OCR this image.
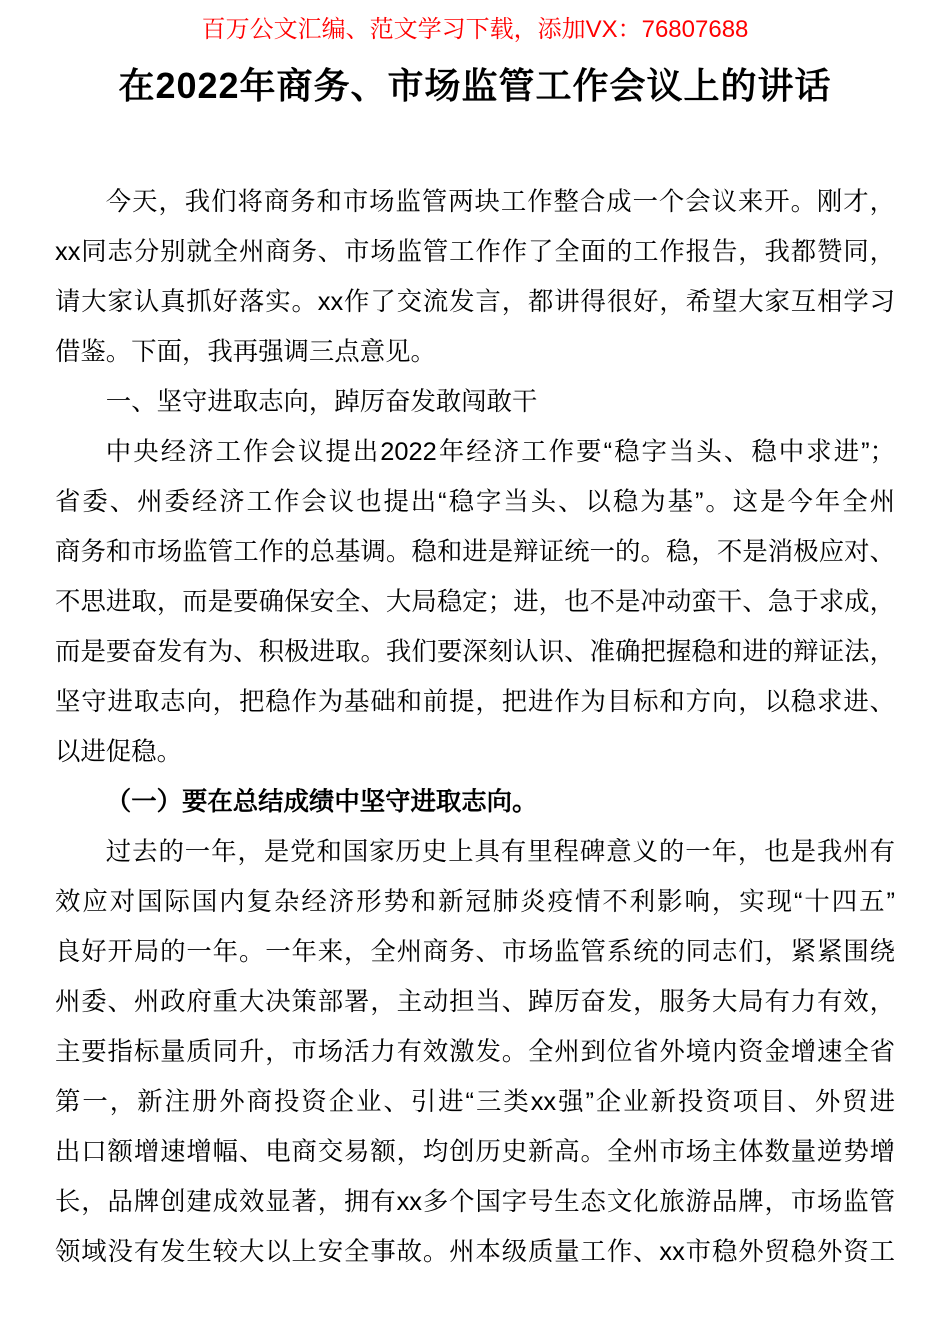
百万公文汇编、范文学习下载，添加VX：76807688
在2022年商务、市场监管工作会议上的讲话
今天，我们将商务和市场监管两块工作整合成一个会议来开。刚才，
xx同志分别就全州商务、市场监管工作作了全面的工作报告，我都赞同，
请大家认真抓好落实。xx作了交流发言，都讲得很好，希望大家互相学习
借鉴。下面，我再强调三点意见。
一、坚守进取志向，踔厉奋发敢闯敢干
中央经济工作会议提出2022年经济工作要“稳字当头、稳中求进”；
省委、州委经济工作会议也提出“稳字当头、以稳为基”。这是今年全州
商务和市场监管工作的总基调。稳和进是辩证统一的。稳，不是消极应对、
不思进取，而是要确保安全、大局稳定；进，也不是冲动蛮干、急于求成，
而是要奋发有为、积极进取。我们要深刻认识、准确把握稳和进的辩证法，
坚守进取志向，把稳作为基础和前提，把进作为目标和方向，以稳求进、
以进促稳。
（一）要在总结成绩中坚守进取志向。
过去的一年，是党和国家历史上具有里程碑意义的一年，也是我州有
效应对国际国内复杂经济形势和新冠肺炎疫情不利影响，实现“十四五”
良好开局的一年。一年来，全州商务、市场监管系统的同志们，紧紧围绕
州委、州政府重大决策部署，主动担当、踔厉奋发，服务大局有力有效，
主要指标量质同升，市场活力有效激发。全州到位省外境内资金增速全省
第一，新注册外商投资企业、引进“三类xx强”企业新投资项目、外贸进
出口额增速增幅、电商交易额，均创历史新高。全州市场主体数量逆势增
长，品牌创建成效显著，拥有xx多个国字号生态文化旅游品牌，市场监管
领域没有发生较大以上安全事故。州本级质量工作、xx市稳外贸稳外资工
